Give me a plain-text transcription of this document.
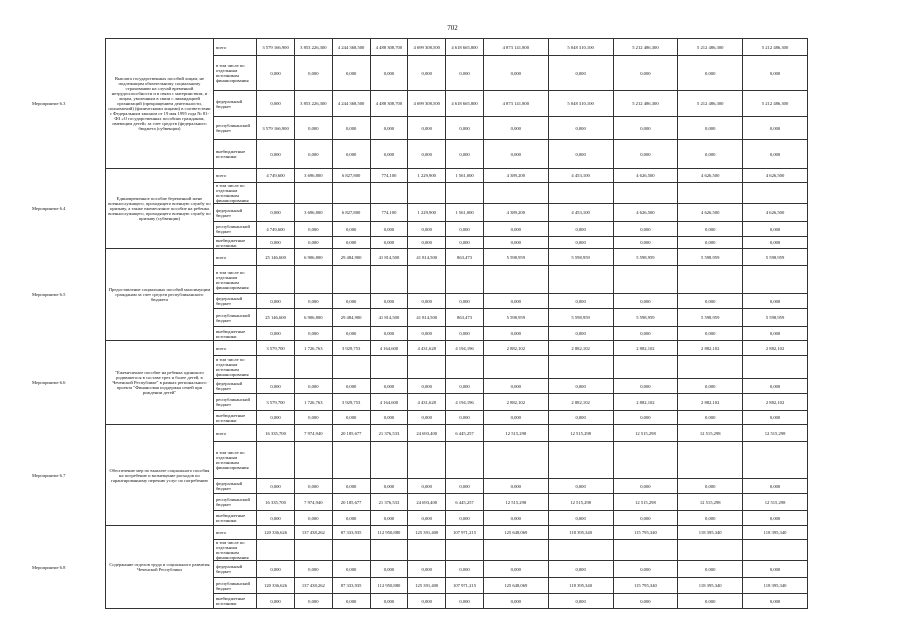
702
Мероприятие 6.3	Выплата государственных пособий лицам, не подлежащим обязательному социальному страхованию на случай временной нетрудоспособности и в связи с материнством, и лицам, уволенным в связи с ликвидацией организаций (прекращением деятельности, полномочий) (физическими лицами) в соответствии с Федеральным законом от 19 мая 1995 года № 81-ФЗ «О государственных пособиях гражданам, имеющим детей» за счет средств (федерального бюджета (субвенции)	всего	3 579 166,900	3 853 226,300	4 244 368,500	4 488 308,700	4 699 308,500	4 618 665,800	4 873 141,800	5 048 310,100	5 212 486,300	5 212 486,300	5 212 486,300
		в том числе по отдельным источникам финансирования	0,000	0,000	0,000	0,000	0,000	0,000	0,000	0,000	0,000	0,000	0,000
		федеральный бюджет	0,000	3 853 226,300	4 244 368,500	4 488 308,700	4 699 308,500	4 618 665,800	4 873 141,800	5 048 310,100	5 212 486,300	5 212 486,300	5 212 486,300
		республиканский бюджет	3 579 166,900	0,000	0,000	0,000	0,000	0,000	0,000	0,000	0,000	0,000	0,000
		внебюджетные источники	0,000	0,000	0,000	0,000	0,000	0,000	0,000	0,000	0,000	0,000	0,000
Мероприятие 6.4	Единовременное пособие беременной жене военнослужащего, проходящего военную службу по призыву, а также ежемесячное пособие на ребенка военнослужащего, проходящего военную службу по призыву (субвенции)	всего	4 749,600	3 696,800	6 827,800	774,100	1 229,900	1 561,000	4 389,200	4 453,100	4 626,500	4 626,500	4 626,500
		в том числе по отдельным источникам финансирования											
		федеральный бюджет	0,000	3 696,800	6 827,800	774,100	1 229,900	1 561,000	4 389,200	4 453,100	4 626,500	4 626,500	4 626,500
		республиканский бюджет	4 749,600	0,000	0,000	0,000	0,000	0,000	0,000	0,000	0,000	0,000	0,000
		внебюджетные источники	0,000	0,000	0,000	0,000	0,000	0,000	0,000	0,000	0,000	0,000	0,000
Мероприятие 6.5	Предоставление социальных пособий малоимущим гражданам за счет средств республиканского бюджета	всего	25 146,600	6 906,800	29 484,900	41 814,500	41 814,500	863,473	5 598,959	5 598,959	5 598,959	5 598,959	5 598,959
		в том числе по отдельным источникам финансирования											
		федеральный бюджет	0,000	0,000	0,000	0,000	0,000	0,000	0,000	0,000	0,000	0,000	0,000
		республиканский бюджет	25 146,600	6 906,800	29 484,900	41 814,500	41 814,500	863,473	5 598,959	5 598,959	5 598,959	5 598,959	5 598,959
		внебюджетные источники	0,000	0,000	0,000	0,000	0,000	0,000	0,000	0,000	0,000	0,000	0,000
Мероприятие 6.6	"Ежемесячное пособие на ребенка одинокого родившегося в составе трех и более детей, в Чеченской Республике" в рамках регионального проекта "Финансовая поддержка семей при рождении детей"	всего	3 579,700	1 726,763	3 929,753	4 164,600	4 431,628	4 194,196	2 882,102	2 882,102	2 882,102	2 882,102	2 882,102
		в том числе по отдельным источникам финансирования											
		федеральный бюджет	0,000	0,000	0,000	0,000	0,000	0,000	0,000	0,000	0,000	0,000	0,000
		республиканский бюджет	3 579,700	1 726,763	3 929,753	4 164,600	4 431,628	4 194,196	2 882,102	2 882,102	2 882,102	2 882,102	2 882,102
		внебюджетные источники	0,000	0,000	0,000	0,000	0,000	0,000	0,000	0,000	0,000	0,000	0,000
Мероприятие 6.7	Обеспечение мер по выплате социального пособия на погребение и возмещение расходов по гарантированному перечню услуг по погребению	всего	16 335,700	7 974,940	20 185,677	21 376,533	24 693,400	6 445,257	12 515,298	12 515,298	12 515,298	12 515,298	12 515,298
		в том числе по отдельным источникам финансирования											
		федеральный бюджет	0,000	0,000	0,000	0,000	0,000	0,000	0,000	0,000	0,000	0,000	0,000
		республиканский бюджет	16 335,700	7 974,940	20 185,677	21 376,533	24 693,400	6 445,257	12 515,298	12 515,298	12 515,298	12 515,298	12 515,298
		внебюджетные источники	0,000	0,000	0,000	0,000	0,000	0,000	0,000	0,000	0,000	0,000	0,000
Мероприятие 6.8	Содержание отделов труда и социального развития Чеченской Республики	всего	120 336,626	137 438,262	87 333,935	112 950,880	125 391,400	107 971,215	125 648,069	118 395,340	115 795,340	118 395,340	118 395,340
		в том числе по отдельным источникам финансирования											
		федеральный бюджет	0,000	0,000	0,000	0,000	0,000	0,000	0,000	0,000	0,000	0,000	0,000
		республиканский бюджет	120 336,626	137 438,262	87 333,935	112 950,880	125 391,400	107 971,215	125 648,069	118 395,340	115 795,340	118 395,340	118 395,340
		внебюджетные источники	0,000	0,000	0,000	0,000	0,000	0,000	0,000	0,000	0,000	0,000	0,000
